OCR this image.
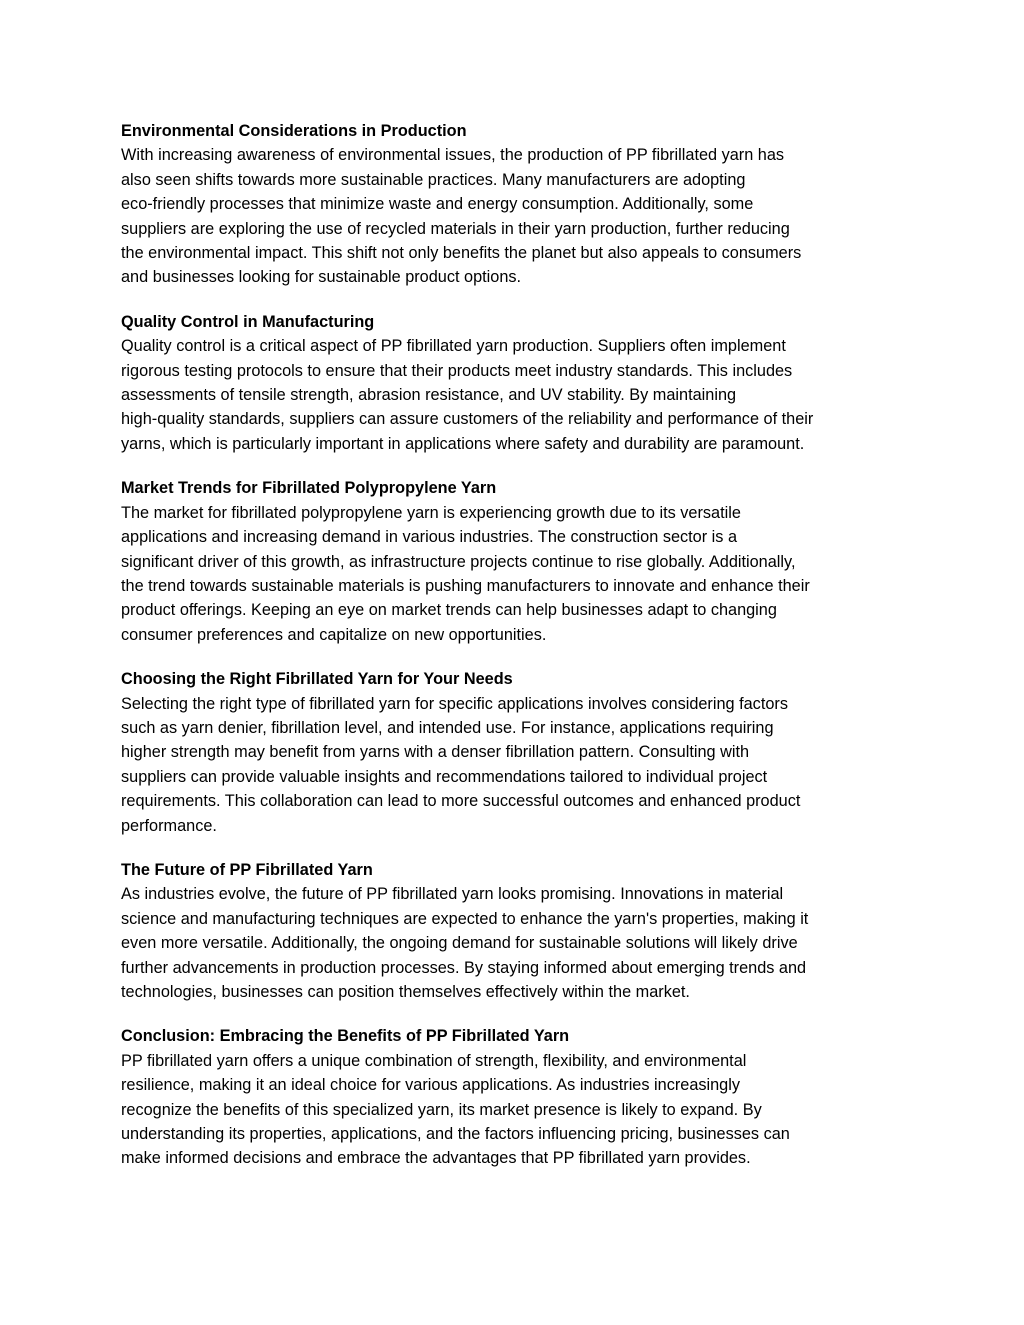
Environmental Considerations in Production

With increasing awareness of environmental issues, the production of PP fibrillated yarn has

also seen shifts towards more sustainable practices. Many manufacturers are adopting

eco-friendly processes that minimize waste and energy consumption. Additionally, some

suppliers are exploring the use of recycled materials in their yarn production, further reducing

the environmental impact. This shift not only benefits the planet but also appeals to consumers

and businesses looking for sustainable product options.

Quality Control in Manufacturing

Quality control is a critical aspect of PP fibrillated yarn production. Suppliers often implement

rigorous testing protocols to ensure that their products meet industry standards. This includes

assessments of tensile strength, abrasion resistance, and UV stability. By maintaining

high-quality standards, suppliers can assure customers of the reliability and performance of their

yarns, which is particularly important in applications where safety and durability are paramount.

Market Trends for Fibrillated Polypropylene Yarn

The market for fibrillated polypropylene yarn is experiencing growth due to its versatile

applications and increasing demand in various industries. The construction sector is a

significant driver of this growth, as infrastructure projects continue to rise globally. Additionally,

the trend towards sustainable materials is pushing manufacturers to innovate and enhance their

product offerings. Keeping an eye on market trends can help businesses adapt to changing

consumer preferences and capitalize on new opportunities.

Choosing the Right Fibrillated Yarn for Your Needs

Selecting the right type of fibrillated yarn for specific applications involves considering factors

such as yarn denier, fibrillation level, and intended use. For instance, applications requiring

higher strength may benefit from yarns with a denser fibrillation pattern. Consulting with

suppliers can provide valuable insights and recommendations tailored to individual project

requirements. This collaboration can lead to more successful outcomes and enhanced product

performance.

The Future of PP Fibrillated Yarn

As industries evolve, the future of PP fibrillated yarn looks promising. Innovations in material

science and manufacturing techniques are expected to enhance the yarn's properties, making it

even more versatile. Additionally, the ongoing demand for sustainable solutions will likely drive

further advancements in production processes. By staying informed about emerging trends and

technologies, businesses can position themselves effectively within the market.

Conclusion: Embracing the Benefits of PP Fibrillated Yarn

PP fibrillated yarn offers a unique combination of strength, flexibility, and environmental

resilience, making it an ideal choice for various applications. As industries increasingly

recognize the benefits of this specialized yarn, its market presence is likely to expand. By

understanding its properties, applications, and the factors influencing pricing, businesses can

make informed decisions and embrace the advantages that PP fibrillated yarn provides.
